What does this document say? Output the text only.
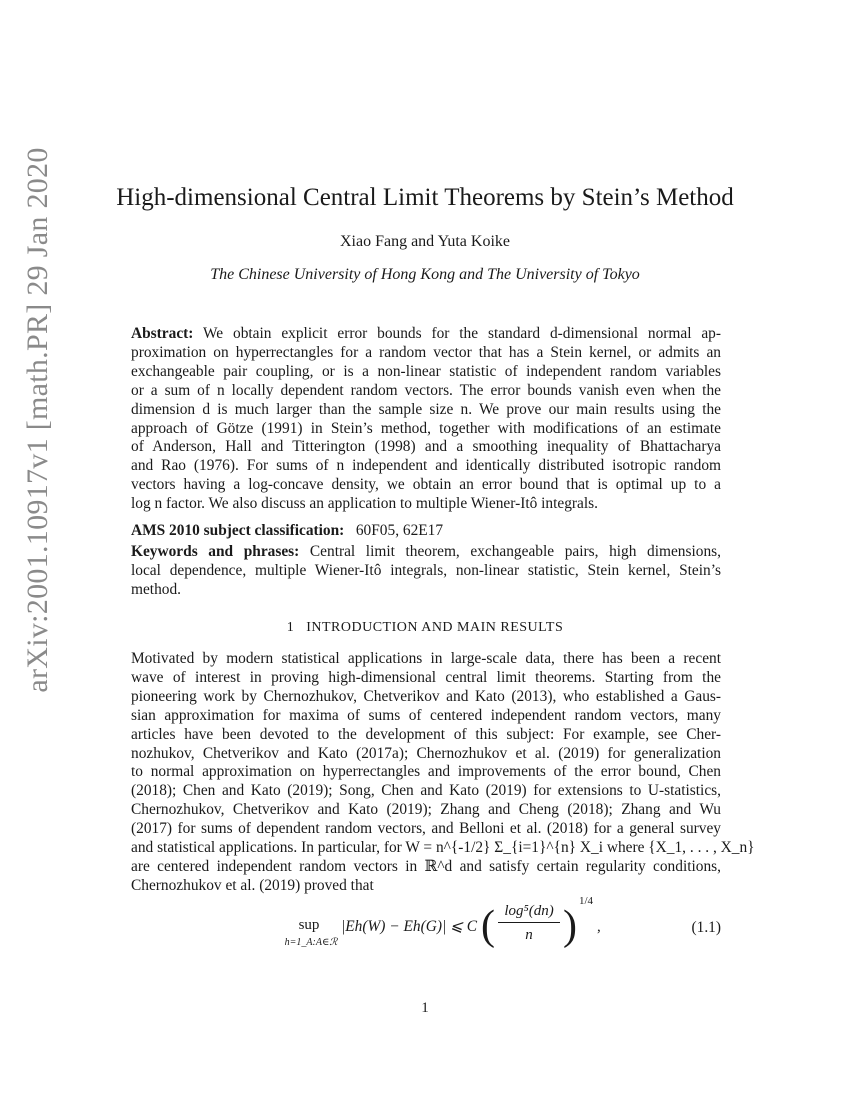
arXiv:2001.10917v1 [math.PR] 29 Jan 2020	High-dimensional Central Limit Theorems by Stein’s Method
Xiao Fang and Yuta Koike
The Chinese University of Hong Kong and The University of Tokyo
Abstract: We obtain explicit error bounds for the standard d-dimensional normal ap-
proximation on hyperrectangles for a random vector that has a Stein kernel, or admits an
exchangeable pair coupling, or is a non-linear statistic of independent random variables
or a sum of n locally dependent random vectors. The error bounds vanish even when the
dimension d is much larger than the sample size n. We prove our main results using the
approach of Götze (1991) in Stein’s method, together with modifications of an estimate
of Anderson, Hall and Titterington (1998) and a smoothing inequality of Bhattacharya
and Rao (1976). For sums of n independent and identically distributed isotropic random
vectors having a log-concave density, we obtain an error bound that is optimal up to a
log n factor. We also discuss an application to multiple Wiener-Itô integrals.
AMS 2010 subject classification: 60F05, 62E17
Keywords and phrases: Central limit theorem, exchangeable pairs, high dimensions,
local dependence, multiple Wiener-Itô integrals, non-linear statistic, Stein kernel, Stein’s
method.
1 INTRODUCTION AND MAIN RESULTS
Motivated by modern statistical applications in large-scale data, there has been a recent
wave of interest in proving high-dimensional central limit theorems. Starting from the
pioneering work by Chernozhukov, Chetverikov and Kato (2013), who established a Gaus-
sian approximation for maxima of sums of centered independent random vectors, many
articles have been devoted to the development of this subject: For example, see Cher-
nozhukov, Chetverikov and Kato (2017a); Chernozhukov et al. (2019) for generalization
to normal approximation on hyperrectangles and improvements of the error bound, Chen
(2018); Chen and Kato (2019); Song, Chen and Kato (2019) for extensions to U-statistics,
Chernozhukov, Chetverikov and Kato (2019); Zhang and Cheng (2018); Zhang and Wu
(2017) for sums of dependent random vectors, and Belloni et al. (2018) for a general survey
and statistical applications. In particular, for W = n^{-1/2} Σ_{i=1}^{n} X_i where {X_1, . . . , X_n}
are centered independent random vectors in ℝ^d and satisfy certain regularity conditions,
Chernozhukov et al. (2019) proved that
sup
h=1_A:A∈ℛ
|Eh(W) − Eh(G)| ⩽ C ( $\frac{\text{log⁵(dn)}}{n}$ )
1/4
,	(1.1)
1
